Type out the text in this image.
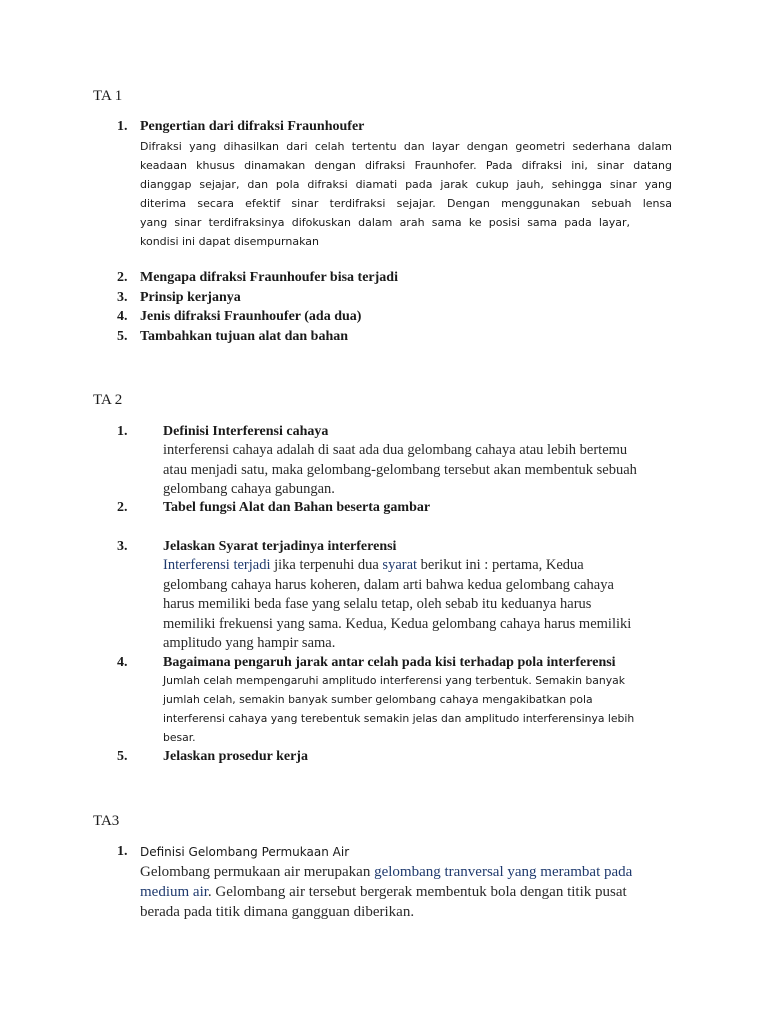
TA 1
1. Pengertian dari difraksi Fraunhoufer
Difraksi yang dihasilkan dari celah tertentu dan layar dengan geometri sederhana dalam
keadaan khusus dinamakan dengan difraksi Fraunhofer. Pada difraksi ini, sinar datang
dianggap sejajar, dan pola difraksi diamati pada jarak cukup jauh, sehingga sinar yang
diterima secara efektif sinar terdifraksi sejajar. Dengan menggunakan sebuah lensa
yang sinar terdifraksinya difokuskan dalam arah sama ke posisi sama pada layar,
kondisi ini dapat disempurnakan
2. Mengapa difraksi Fraunhoufer bisa terjadi
3. Prinsip kerjanya
4. Jenis difraksi Fraunhoufer (ada dua)
5. Tambahkan tujuan alat dan bahan
TA 2
1.	Definisi Interferensi cahaya
interferensi cahaya adalah di saat ada dua gelombang cahaya atau lebih bertemu
atau menjadi satu, maka gelombang-gelombang tersebut akan membentuk sebuah
gelombang cahaya gabungan.
2.	Tabel fungsi Alat dan Bahan beserta gambar
3.	Jelaskan Syarat terjadinya interferensi
Interferensi terjadi jika terpenuhi dua syarat berikut ini : pertama, Kedua
gelombang cahaya harus koheren, dalam arti bahwa kedua gelombang cahaya
harus memiliki beda fase yang selalu tetap, oleh sebab itu keduanya harus
memiliki frekuensi yang sama. Kedua, Kedua gelombang cahaya harus memiliki
amplitudo yang hampir sama.
4.	Bagaimana pengaruh jarak antar celah pada kisi terhadap pola interferensi
Jumlah celah mempengaruhi amplitudo interferensi yang terbentuk. Semakin banyak
jumlah celah, semakin banyak sumber gelombang cahaya mengakibatkan pola
interferensi cahaya yang terebentuk semakin jelas dan amplitudo interferensinya lebih
besar.
5.	Jelaskan prosedur kerja
TA3
1. Definisi Gelombang Permukaan Air
Gelombang permukaan air merupakan gelombang tranversal yang merambat pada
medium air. Gelombang air tersebut bergerak membentuk bola dengan titik pusat
berada pada titik dimana gangguan diberikan.
